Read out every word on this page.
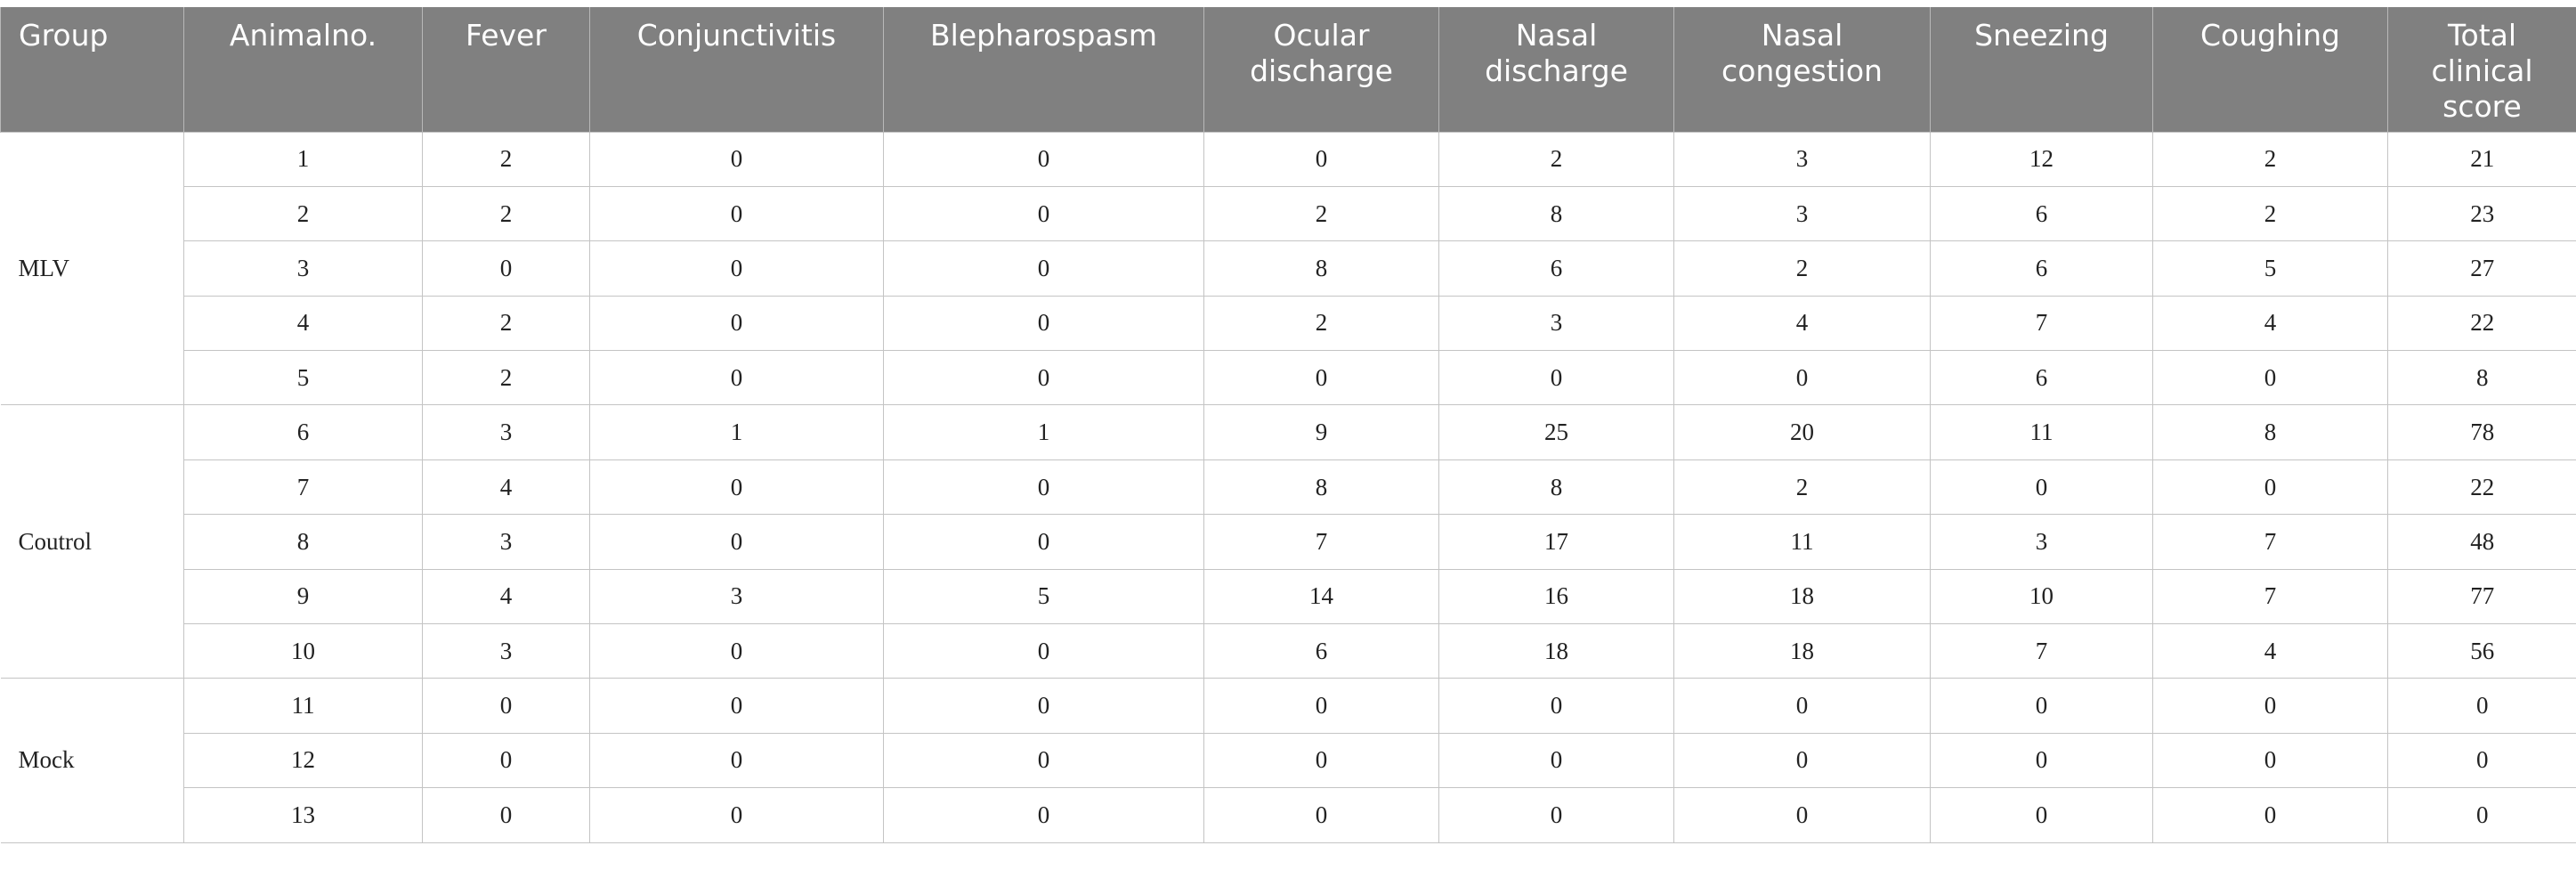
Group	Animalno.	Fever	Conjunctivitis	Blepharospasm	Ocular discharge	Nasal discharge	Nasal congestion	Sneezing	Coughing	Total clinical score
MLV	1	2	0	0	0	2	3	12	2	21
	2	2	0	0	2	8	3	6	2	23
	3	0	0	0	8	6	2	6	5	27
	4	2	0	0	2	3	4	7	4	22
	5	2	0	0	0	0	0	6	0	8
Coutrol	6	3	1	1	9	25	20	11	8	78
	7	4	0	0	8	8	2	0	0	22
	8	3	0	0	7	17	11	3	7	48
	9	4	3	5	14	16	18	10	7	77
	10	3	0	0	6	18	18	7	4	56
Mock	11	0	0	0	0	0	0	0	0	0
	12	0	0	0	0	0	0	0	0	0
	13	0	0	0	0	0	0	0	0	0
